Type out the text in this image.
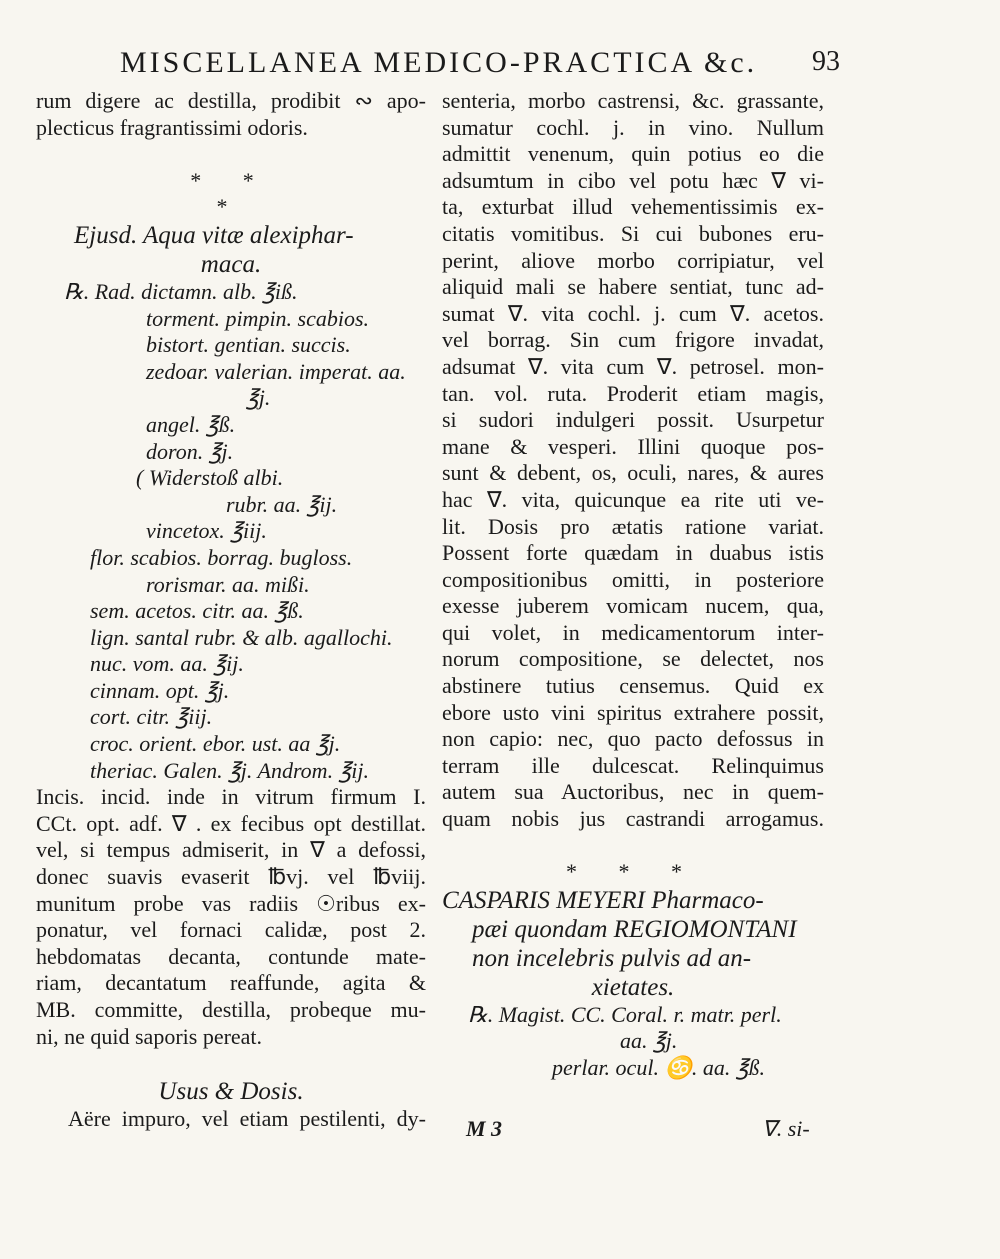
MISCELLANEA MEDICO-PRACTICA &c. 93
rum digere ac destilla, prodibit ∾ apo-
plecticus fragrantissimi odoris.

* *
*
Ejusd. Aqua vitæ alexiphar-
maca.
℞. Rad. dictamn. alb. ℥iß.
torment. pimpin. scabios.
bistort. gentian. succis.
zedoar. valerian. imperat. aa.
℥j.
angel. ℥ß.
doron. ℥j.
( Widerstoß albi.
rubr. aa. ℥ij.
vincetox. ℥iij.
flor. scabios. borrag. bugloss.
rorismar. aa. mißi.
sem. acetos. citr. aa. ℥ß.
lign. santal rubr. & alb. agallochi.
nuc. vom. aa. ℥ij.
cinnam. opt. ℥j.
cort. citr. ℥iij.
croc. orient. ebor. ust. aa ℥j.
theriac. Galen. ℥j. Androm. ℥ij.
Incis. incid. inde in vitrum firmum I.
CCt. opt. adf. ∇ . ex fecibus opt destillat.
vel, si tempus admiserit, in ∇ a defossi,
donec suavis evaserit ℔vj. vel ℔viij.
munitum probe vas radiis ☉ribus ex-
ponatur, vel fornaci calidæ, post 2.
hebdomatas decanta, contunde mate-
riam, decantatum reaffunde, agita &
MB. committe, destilla, probeque mu-
ni, ne quid saporis pereat.

Usus & Dosis.
Aëre impuro, vel etiam pestilenti, dy-
senteria, morbo castrensi, &c. grassante,
sumatur cochl. j. in vino. Nullum
admittit venenum, quin potius eo die
adsumtum in cibo vel potu hæc ∇ vi-
ta, exturbat illud vehementissimis ex-
citatis vomitibus. Si cui bubones eru-
perint, aliove morbo corripiatur, vel
aliquid mali se habere sentiat, tunc ad-
sumat ∇. vita cochl. j. cum ∇. acetos.
vel borrag. Sin cum frigore invadat,
adsumat ∇. vita cum ∇. petrosel. mon-
tan. vol. ruta. Proderit etiam magis,
si sudori indulgeri possit. Usurpetur
mane & vesperi. Illini quoque pos-
sunt & debent, os, oculi, nares, & aures
hac ∇. vita, quicunque ea rite uti ve-
lit. Dosis pro ætatis ratione variat.
Possent forte quædam in duabus istis
compositionibus omitti, in posteriore
exesse juberem vomicam nucem, qua,
qui volet, in medicamentorum inter-
norum compositione, se delectet, nos
abstinere tutius censemus. Quid ex
ebore usto vini spiritus extrahere possit,
non capio: nec, quo pacto defossus in
terram ille dulcescat. Relinquimus
autem sua Auctoribus, nec in quem-
quam nobis jus castrandi arrogamus.

* * *
CASPARIS MEYERI Pharmaco-
pæi quondam REGIOMONTANI
non incelebris pulvis ad an-
xietates.
℞. Magist. CC. Coral. r. matr. perl.
aa. ℥j.
perlar. ocul. ♋. aa. ℥ß.
M 3	∇. si-
